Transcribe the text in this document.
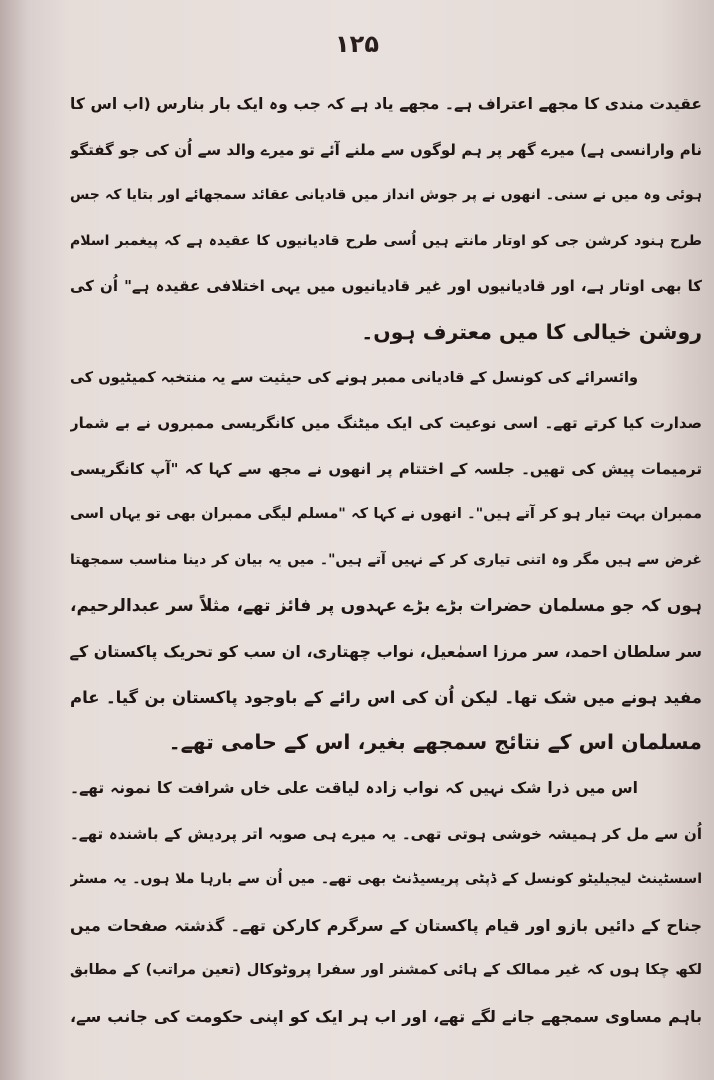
۱۲۵
عقیدت مندی کا مجھے اعتراف ہے۔ مجھے یاد ہے کہ جب وہ ایک بار بنارس (اب اس کا
نام وارانسی ہے) میرے گھر پر ہم لوگوں سے ملنے آئے تو میرے والد سے اُن کی جو گفتگو
ہوئی وہ میں نے سنی۔ انھوں نے پر جوش انداز میں قادیانی عقائد سمجھائے اور بتایا کہ جس
طرح ہنود کرشن جی کو اوتار مانتے ہیں اُسی طرح قادیانیوں کا عقیدہ ہے کہ پیغمبر اسلام
کا بھی اوتار ہے، اور قادیانیوں اور غیر قادیانیوں میں یہی اختلافی عقیدہ ہے" اُن کی
روشن خیالی کا میں معترف ہوں۔
وائسرائے کی کونسل کے قادیانی ممبر ہونے کی حیثیت سے یہ منتخبہ کمیٹیوں کی
صدارت کیا کرتے تھے۔ اسی نوعیت کی ایک میٹنگ میں کانگریسی ممبروں نے بے شمار
ترمیمات پیش کی تھیں۔ جلسہ کے اختتام پر انھوں نے مجھ سے کہا کہ "آپ کانگریسی
ممبران بہت تیار ہو کر آتے ہیں"۔ انھوں نے کہا کہ "مسلم لیگی ممبران بھی تو یہاں اسی
غرض سے ہیں مگر وہ اتنی تیاری کر کے نہیں آتے ہیں"۔ میں یہ بیان کر دینا مناسب سمجھتا
ہوں کہ جو مسلمان حضرات بڑے بڑے عہدوں پر فائز تھے، مثلاً سر عبدالرحیم،
سر سلطان احمد، سر مرزا اسمٰعیل، نواب چھتاری، ان سب کو تحریک پاکستان کے
مفید ہونے میں شک تھا۔ لیکن اُن کی اس رائے کے باوجود پاکستان بن گیا۔ عام
مسلمان اس کے نتائج سمجھے بغیر، اس کے حامی تھے۔
اس میں ذرا شک نہیں کہ نواب زادہ لیاقت علی خاں شرافت کا نمونہ تھے۔
اُن سے مل کر ہمیشہ خوشی ہوتی تھی۔ یہ میرے ہی صوبہ اتر پردیش کے باشندہ تھے۔
اسسٹینٹ لیجیلیٹو کونسل کے ڈپٹی پریسیڈنٹ بھی تھے۔ میں اُن سے بارہا ملا ہوں۔ یہ مسٹر
جناح کے دائیں بازو اور قیام پاکستان کے سرگرم کارکن تھے۔ گذشتہ صفحات میں
لکھ چکا ہوں کہ غیر ممالک کے ہائی کمشنر اور سفرا پروٹوکال (تعین مراتب) کے مطابق
باہم مساوی سمجھے جانے لگے تھے، اور اب ہر ایک کو اپنی حکومت کی جانب سے،
